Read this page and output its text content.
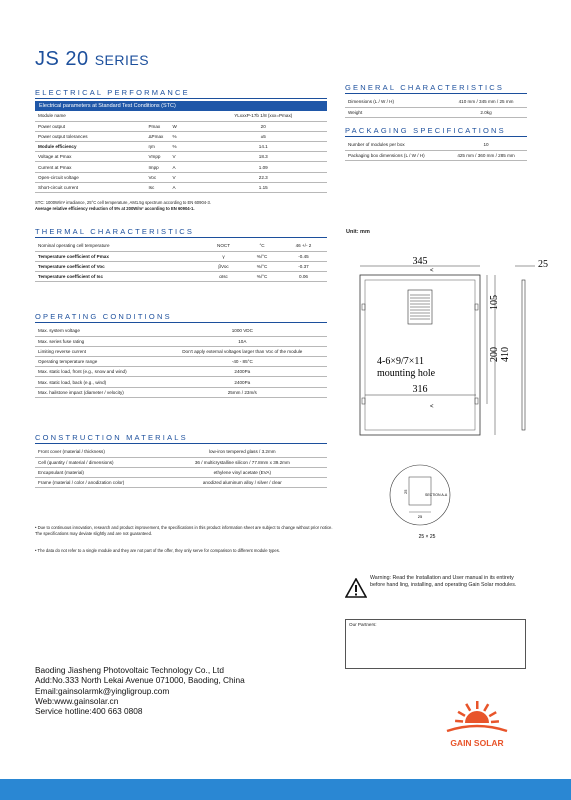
JS 20 SERIES
ELECTRICAL PERFORMANCE
Electrical parameters at Standard Test Conditions (STC)
Module name			YLxxxP-17b 1/8 (xxx=Pmax)
Power output	Pmax	W	20
Power output tolerances	ΔPmax	%	±5
Module efficiency	ηm	%	14.1
Voltage at Pmax	Vmpp	V	18.3
Current at Pmax	Impp	A	1.09
Open-circuit voltage	Voc	V	22.3
Short-circuit current	Isc	A	1.15
STC: 1000W/m² irradiance, 25°C cell temperature, AM1.5g spectrum according to EN 60904-3.
Average relative efficiency reduction of 5% at 200W/m² according to EN 60904-1.
GENERAL CHARACTERISTICS
Dimensions (L / W / H)	410 mm / 345 mm / 25 mm
Weight	2.0kg
PACKAGING SPECIFICATIONS
Number of modules per box	10
Packaging box dimensions (L / W / H)	425 mm / 360 mm / 285 mm
THERMAL CHARACTERISTICS
Nominal operating cell temperature	NOCT	°C	46 +/- 2
Temperature coefficient of Pmax	γ	%/°C	-0.45
Temperature coefficient of Voc	βVoc	%/°C	-0.37
Temperature coefficient of Isc	αIsc	%/°C	0.06
OPERATING CONDITIONS
Max. system voltage	1000 VDC
Max. series fuse rating	10A
Limiting reverse current	Don't apply external voltages larger than Voc of the module
Operating temperature range	-40 - 85°C
Max. static load, front (e.g., snow and wind)	2400Pa
Max. static load, back (e.g., wind)	2400Pa
Max. hailstone impact (diameter / velocity)	25mm / 23m/s
CONSTRUCTION MATERIALS
Front cover (material / thickness)	low-iron tempered glass / 3.2mm
Cell (quantity / material / dimensions)	36 / multicrystalline silicon / 77.8mm x 39.2mm
Encapsulant (material)	ethylene vinyl acetate (EVA)
Frame (material / color / anodization color)	anodized aluminum alloy / silver / clear
• Due to continuous innovation, research and product improvement, the specifications in this product information sheet are subject to change without prior notice. The specifications may deviate slightly and are not guaranteed.
• The data do not refer to a single module and they are not part of the offer, they only serve for comparison to different module types.
Unit: mm
345
105
200 410
25
4-6×9/7×11
mounting hole
316
<
<
25
25
SECTION A-A
25 × 25
Warning: Read the Installation and User manual in its entirety before hand ling, installing, and operating Gain Solar modules.
Our Partners:
Baoding Jiasheng Photovoltaic Technology Co., Ltd
Add:No.333 North Lekai Avenue 071000, Baoding, China
Email:gainsolarmk@yingligroup.com
Web:www.gainsolar.cn
Service hotline:400 663 0808
GAIN SOLAR
